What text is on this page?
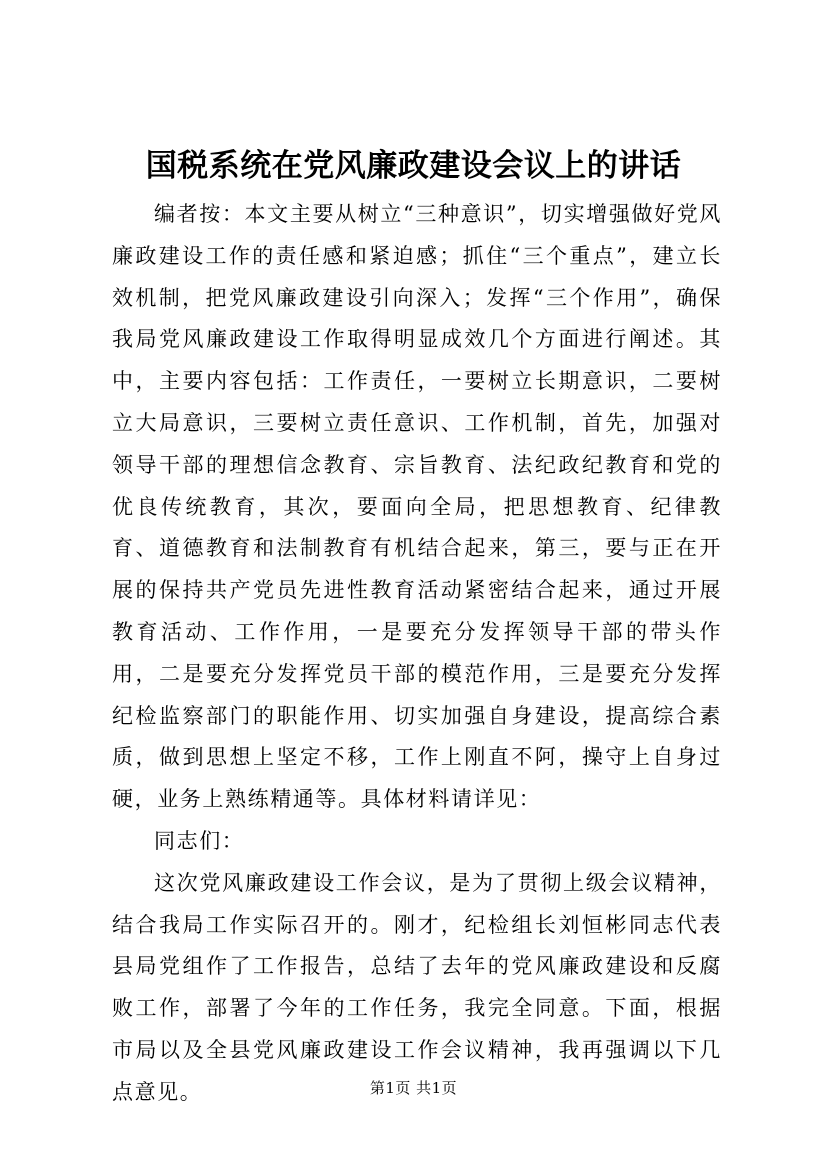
国税系统在党风廉政建设会议上的讲话

编者按：本文主要从树立“三种意识”，切实增强做好党风廉政建设工作的责任感和紧迫感；抓住“三个重点”，建立长效机制，把党风廉政建设引向深入；发挥“三个作用”，确保我局党风廉政建设工作取得明显成效几个方面进行阐述。其中，主要内容包括：工作责任，一要树立长期意识，二要树立大局意识，三要树立责任意识、工作机制，首先，加强对领导干部的理想信念教育、宗旨教育、法纪政纪教育和党的优良传统教育，其次，要面向全局，把思想教育、纪律教育、道德教育和法制教育有机结合起来，第三，要与正在开展的保持共产党员先进性教育活动紧密结合起来，通过开展教育活动、工作作用，一是要充分发挥领导干部的带头作用，二是要充分发挥党员干部的模范作用，三是要充分发挥纪检监察部门的职能作用、切实加强自身建设，提高综合素质，做到思想上坚定不移，工作上刚直不阿，操守上自身过硬，业务上熟练精通等。具体材料请详见：

同志们：

这次党风廉政建设工作会议，是为了贯彻上级会议精神，结合我局工作实际召开的。刚才，纪检组长刘恒彬同志代表县局党组作了工作报告，总结了去年的党风廉政建设和反腐败工作，部署了今年的工作任务，我完全同意。下面，根据市局以及全县党风廉政建设工作会议精神，我再强调以下几点意见。	第1页 共1页
